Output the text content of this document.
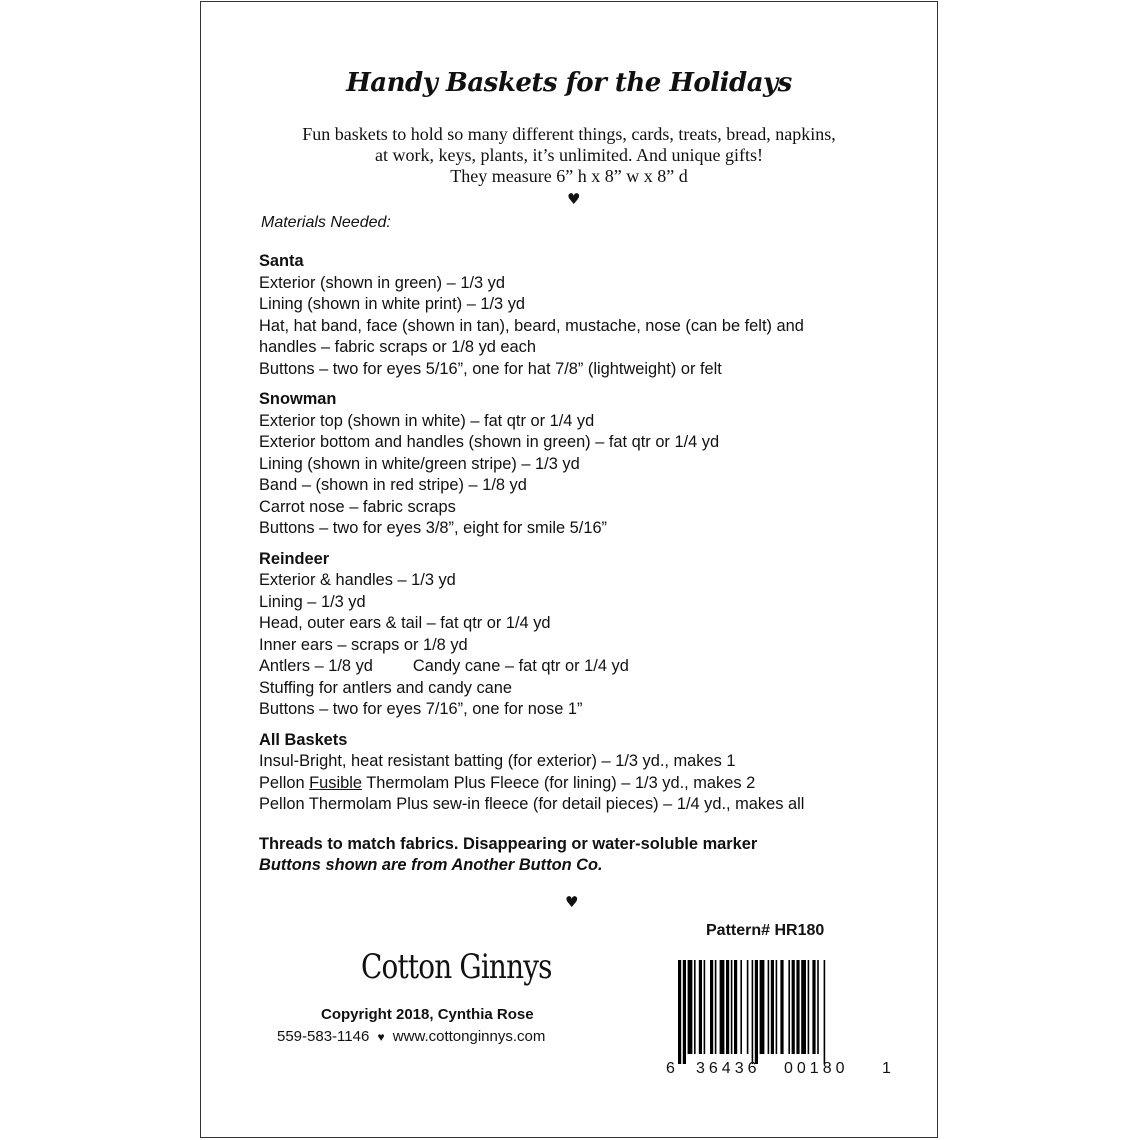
Handy Baskets for the Holidays
Fun baskets to hold so many different things, cards, treats, bread, napkins,
at work, keys, plants, it’s unlimited. And unique gifts!
They measure 6” h x 8” w x 8” d
♥
Materials Needed:
Santa
Exterior (shown in green) – 1/3 yd
Lining (shown in white print) – 1/3 yd
Hat, hat band, face (shown in tan), beard, mustache, nose (can be felt) and
handles – fabric scraps or 1/8 yd each
Buttons – two for eyes 5/16”, one for hat 7/8” (lightweight) or felt
Snowman
Exterior top (shown in white) – fat qtr or 1/4 yd
Exterior bottom and handles (shown in green) – fat qtr or 1/4 yd
Lining (shown in white/green stripe) – 1/3 yd
Band – (shown in red stripe) – 1/8 yd
Carrot nose – fabric scraps
Buttons – two for eyes 3/8”, eight for smile 5/16”
Reindeer
Exterior & handles – 1/3 yd
Lining – 1/3 yd
Head, outer ears & tail – fat qtr or 1/4 yd
Inner ears – scraps or 1/8 yd
Antlers – 1/8 yd Candy cane – fat qtr or 1/4 yd
Stuffing for antlers and candy cane
Buttons – two for eyes 7/16”, one for nose 1”
All Baskets
Insul-Bright, heat resistant batting (for exterior) – 1/3 yd., makes 1
Pellon Fusible Thermolam Plus Fleece (for lining) – 1/3 yd., makes 2
Pellon Thermolam Plus sew-in fleece (for detail pieces) – 1/4 yd., makes all
Threads to match fabrics. Disappearing or water-soluble marker
Buttons shown are from Another Button Co.
♥
Pattern# HR180
Cotton Ginnys
Copyright 2018, Cynthia Rose
559-583-1146 ♥ www.cottonginnys.com
6 36436 00180 1
